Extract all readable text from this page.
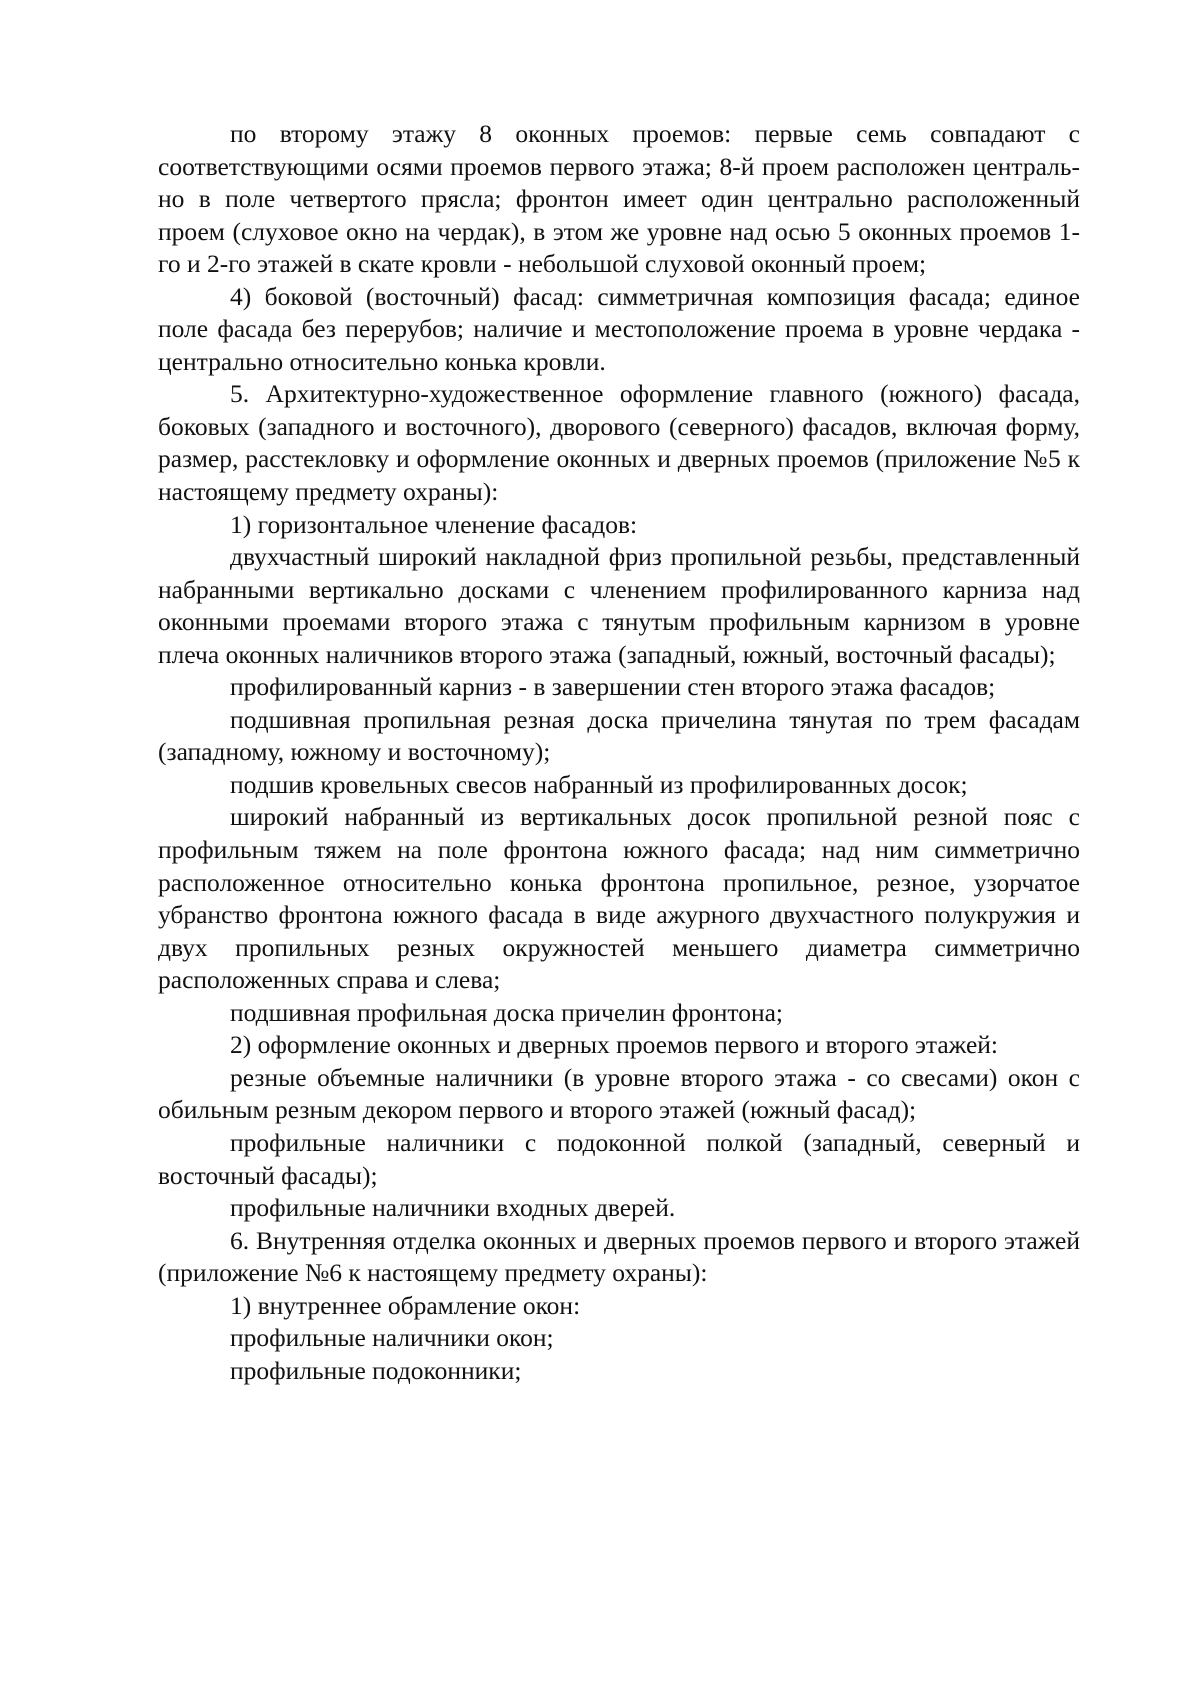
по второму этажу 8 оконных проемов: первые семь совпадают с соответствующими осями проемов первого этажа; 8-й проем расположен центрально в поле четвертого прясла; фронтон имеет один центрально расположенный проем (слуховое окно на чердак), в этом же уровне над осью 5 оконных проемов 1-го и 2-го этажей в скате кровли - небольшой слуховой оконный проем;

4) боковой (восточный) фасад: симметричная композиция фасада; единое поле фасада без перерубов; наличие и местоположение проема в уровне чердака - центрально относительно конька кровли.

5. Архитектурно-художественное оформление главного (южного) фасада, боковых (западного и восточного), дворового (северного) фасадов, включая форму, размер, расстекловку и оформление оконных и дверных проемов (приложение №5 к настоящему предмету охраны):

1) горизонтальное членение фасадов:

двухчастный широкий накладной фриз пропильной резьбы, представленный набранными вертикально досками с членением профилированного карниза над оконными проемами второго этажа с тянутым профильным карнизом в уровне плеча оконных наличников второго этажа (западный, южный, восточный фасады);

профилированный карниз - в завершении стен второго этажа фасадов;

подшивная пропильная резная доска причелина тянутая по трем фасадам (западному, южному и восточному);

подшив кровельных свесов набранный из профилированных досок;

широкий набранный из вертикальных досок пропильной резной пояс с профильным тяжем на поле фронтона южного фасада; над ним симметрично расположенное относительно конька фронтона пропильное, резное, узорчатое убранство фронтона южного фасада в виде ажурного двухчастного полукружия и двух пропильных резных окружностей меньшего диаметра симметрично расположенных справа и слева;

подшивная профильная доска причелин фронтона;

2) оформление оконных и дверных проемов первого и второго этажей:

резные объемные наличники (в уровне второго этажа - со свесами) окон с обильным резным декором первого и второго этажей (южный фасад);

профильные наличники с подоконной полкой (западный, северный и восточный фасады);

профильные наличники входных дверей.

6. Внутренняя отделка оконных и дверных проемов первого и второго этажей (приложение №6 к настоящему предмету охраны):

1) внутреннее обрамление окон:

профильные наличники окон;

профильные подоконники;
